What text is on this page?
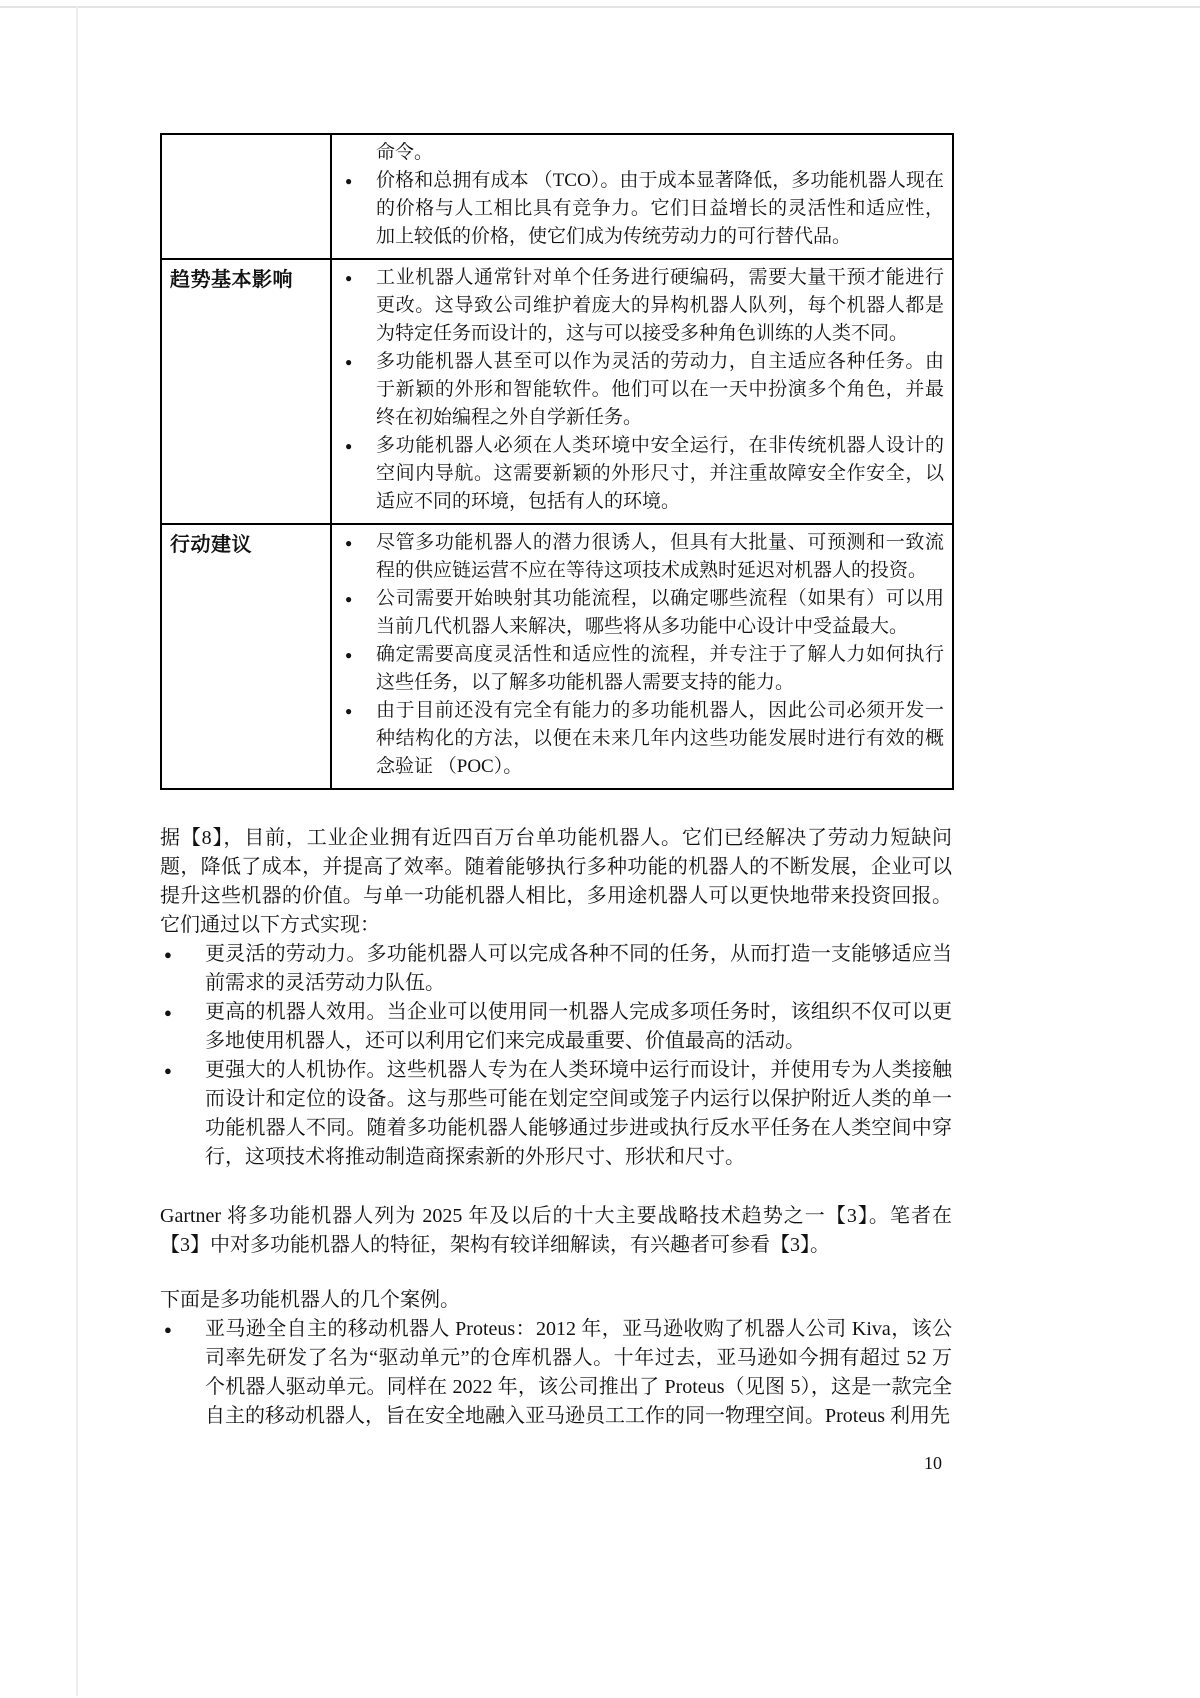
	命令。
● 价格和总拥有成本 （TCO）。由于成本显著降低，多功能机器人现在的价格与人工相比具有竞争力。它们日益增长的灵活性和适应性，加上较低的价格，使它们成为传统劳动力的可行替代品。

趋势基本影响	●	工业机器人通常针对单个任务进行硬编码，需要大量干预才能进行更改。这导致公司维护着庞大的异构机器人队列，每个机器人都是为特定任务而设计的，这与可以接受多种角色训练的人类不同。
●	多功能机器人甚至可以作为灵活的劳动力，自主适应各种任务。由于新颖的外形和智能软件。他们可以在一天中扮演多个角色，并最终在初始编程之外自学新任务。
●	多功能机器人必须在人类环境中安全运行，在非传统机器人设计的空间内导航。这需要新颖的外形尺寸，并注重故障安全作安全，以适应不同的环境，包括有人的环境。

行动建议	●	尽管多功能机器人的潜力很诱人，但具有大批量、可预测和一致流程的供应链运营不应在等待这项技术成熟时延迟对机器人的投资。
●	公司需要开始映射其功能流程，以确定哪些流程（如果有）可以用当前几代机器人来解决，哪些将从多功能中心设计中受益最大。
●	确定需要高度灵活性和适应性的流程，并专注于了解人力如何执行这些任务，以了解多功能机器人需要支持的能力。
●	由于目前还没有完全有能力的多功能机器人，因此公司必须开发一种结构化的方法，以便在未来几年内这些功能发展时进行有效的概念验证 （POC）。

据【8】，目前，工业企业拥有近四百万台单功能机器人。它们已经解决了劳动力短缺问题，降低了成本，并提高了效率。随着能够执行多种功能的机器人的不断发展，企业可以提升这些机器的价值。与单一功能机器人相比，多用途机器人可以更快地带来投资回报。它们通过以下方式实现：

●	更灵活的劳动力。多功能机器人可以完成各种不同的任务，从而打造一支能够适应当前需求的灵活劳动力队伍。
●	更高的机器人效用。当企业可以使用同一机器人完成多项任务时，该组织不仅可以更多地使用机器人，还可以利用它们来完成最重要、价值最高的活动。
●	更强大的人机协作。这些机器人专为在人类环境中运行而设计，并使用专为人类接触而设计和定位的设备。这与那些可能在划定空间或笼子内运行以保护附近人类的单一功能机器人不同。随着多功能机器人能够通过步进或执行反水平任务在人类空间中穿行，这项技术将推动制造商探索新的外形尺寸、形状和尺寸。

Gartner 将多功能机器人列为 2025 年及以后的十大主要战略技术趋势之一【3】。笔者在【3】中对多功能机器人的特征，架构有较详细解读，有兴趣者可参看【3】。

下面是多功能机器人的几个案例。

●	亚马逊全自主的移动机器人 Proteus：2012 年，亚马逊收购了机器人公司 Kiva，该公司率先研发了名为“驱动单元”的仓库机器人。十年过去，亚马逊如今拥有超过 52 万个机器人驱动单元。同样在 2022 年，该公司推出了 Proteus（见图 5），这是一款完全自主的移动机器人，旨在安全地融入亚马逊员工工作的同一物理空间。Proteus 利用先
10
